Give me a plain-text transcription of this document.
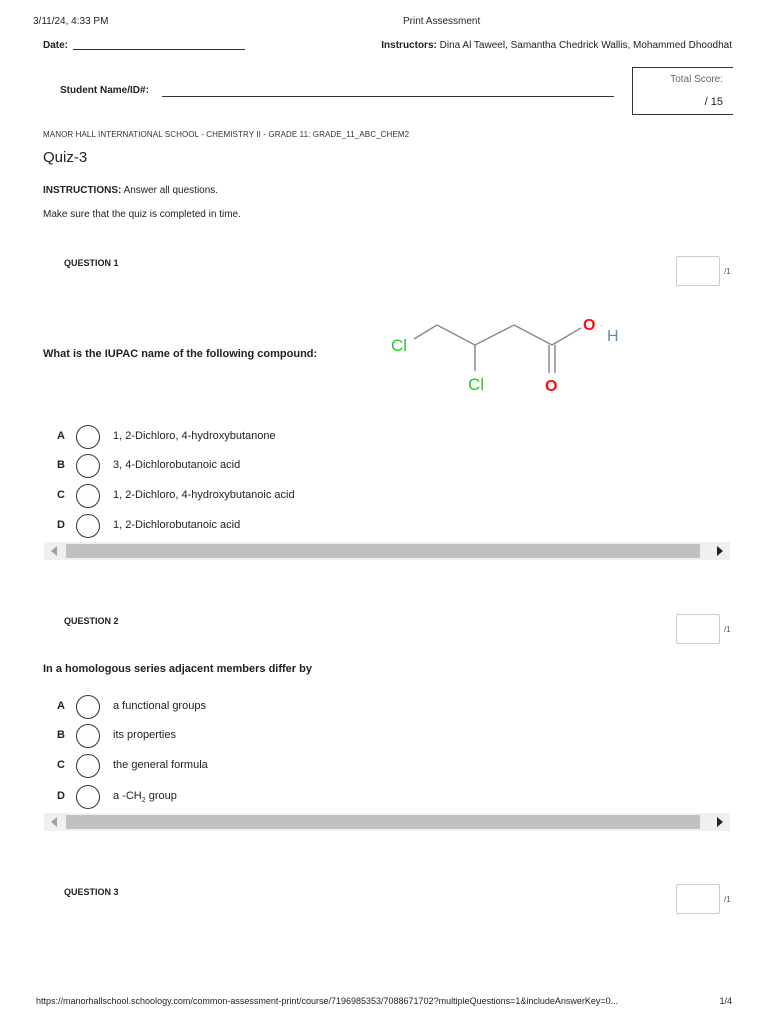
3/11/24, 4:33 PM	Print Assessment
Date:	Instructors: Dina Al Taweel, Samantha Chedrick Wallis, Mohammed Dhoodhat
Student Name/ID#:
Total Score:
/ 15
MANOR HALL INTERNATIONAL SCHOOL - CHEMISTRY II - GRADE 11: GRADE_11_ABC_CHEM2
Quiz-3
INSTRUCTIONS: Answer all questions.
Make sure that the quiz is completed in time.
QUESTION 1
/1
What is the IUPAC name of the following compound:	Cl
Cl
O
O
·
H
A	1, 2-Dichloro, 4-hydroxybutanone
B	3, 4-Dichlorobutanoic acid
C	1, 2-Dichloro, 4-hydroxybutanoic acid
D	1, 2-Dichlorobutanoic acid
QUESTION 2
/1
In a homologous series adjacent members differ by
A	a functional groups
B	its properties
C	the general formula
D	a $-CH_2$ group
QUESTION 3
/1
https://manorhallschool.schoology.com/common-assessment-print/course/7196985353/7088671702?multipleQuestions=1&includeAnswerKey=0...	1/4
